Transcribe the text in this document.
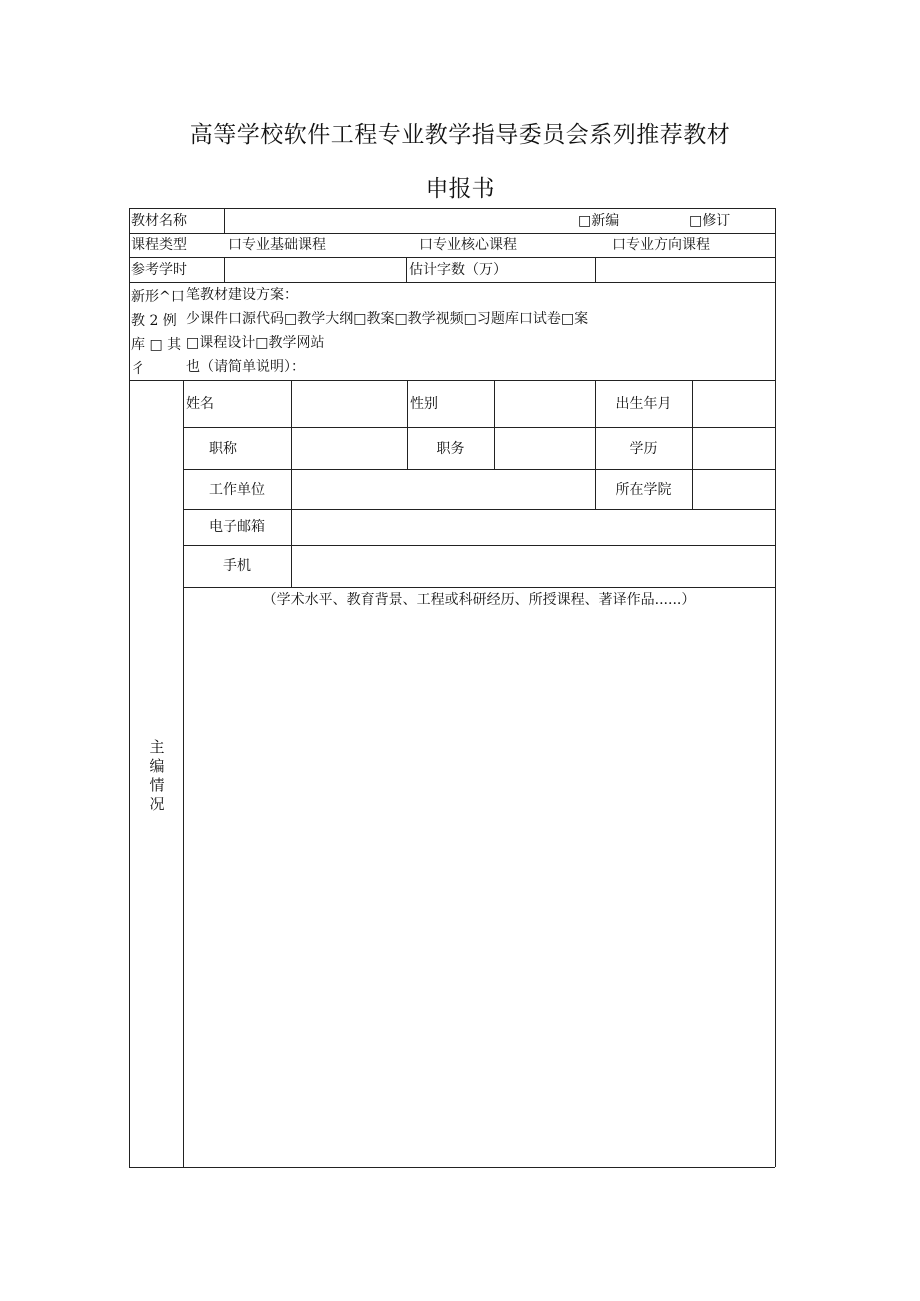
高等学校软件工程专业教学指导委员会系列推荐教材
申报书
教材名称	□新编	□修订
课程类型	口专业基础课程	口专业核心课程	口专业方向课程
参考学时	估计字数（万）
新形^口
教 2 例
库 □ 其
彳
笔教材建设方案：
少课件口源代码□教学大纲□教案□教学视频□习题库口试卷□案
□课程设计□教学网站
也（请简单说明）：
主
编
情
况
姓名	性别	出生年月
职称	职务	学历
工作单位	所在学院
电子邮箱
手机
（学术水平、教育背景、工程或科研经历、所授课程、著译作品......）
